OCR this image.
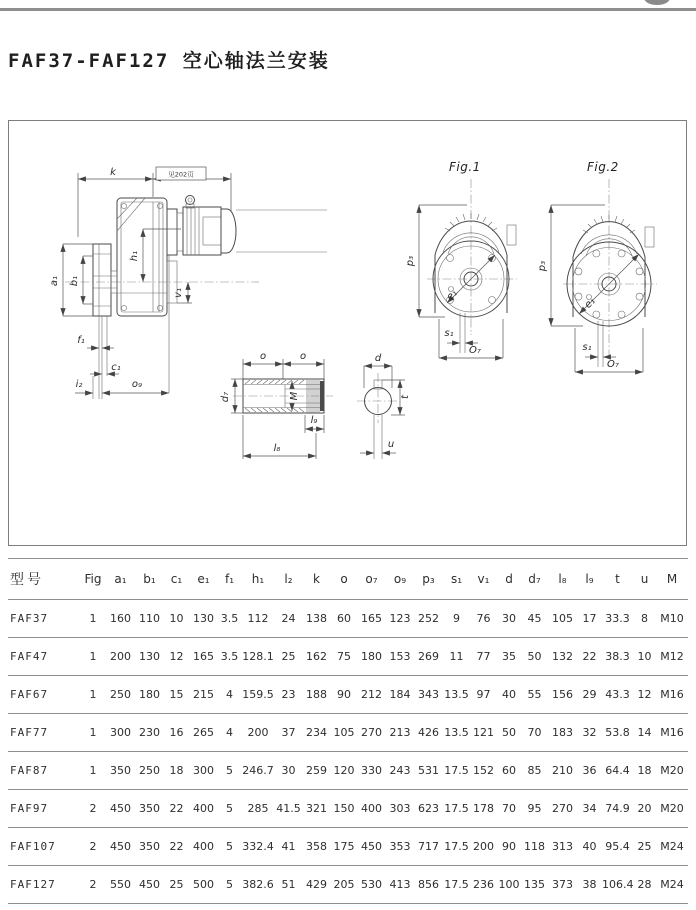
FAF37-FAF127 空心轴法兰安装
k	见202页
a₁ b₁
h₁
v₁
f₁
c₁
i₂	o₉
o	o
d₇	M
l₉
l₈
d
t
u
Fig.1
e₁
p₃
s₁
O₇
Fig.2
e₁
p₃
s₁
O₇
型号	Fig	a₁	b₁	c₁	e₁	f₁	h₁	l₂	k	o	o₇	o₉	p₃	s₁	v₁	d	d₇	l₈	l₉	t	u	M
FAF37	1	160	110	10	130	3.5	112	24	138	60	165	123	252	9	76	30	45	105	17	33.3	8	M10
FAF47	1	200	130	12	165	3.5	128.1	25	162	75	180	153	269	11	77	35	50	132	22	38.3	10	M12
FAF67	1	250	180	15	215	4	159.5	23	188	90	212	184	343	13.5	97	40	55	156	29	43.3	12	M16
FAF77	1	300	230	16	265	4	200	37	234	105	270	213	426	13.5	121	50	70	183	32	53.8	14	M16
FAF87	1	350	250	18	300	5	246.7	30	259	120	330	243	531	17.5	152	60	85	210	36	64.4	18	M20
FAF97	2	450	350	22	400	5	285	41.5	321	150	400	303	623	17.5	178	70	95	270	34	74.9	20	M20
FAF107	2	450	350	22	400	5	332.4	41	358	175	450	353	717	17.5	200	90	118	313	40	95.4	25	M24
FAF127	2	550	450	25	500	5	382.6	51	429	205	530	413	856	17.5	236	100	135	373	38	106.4	28	M24
